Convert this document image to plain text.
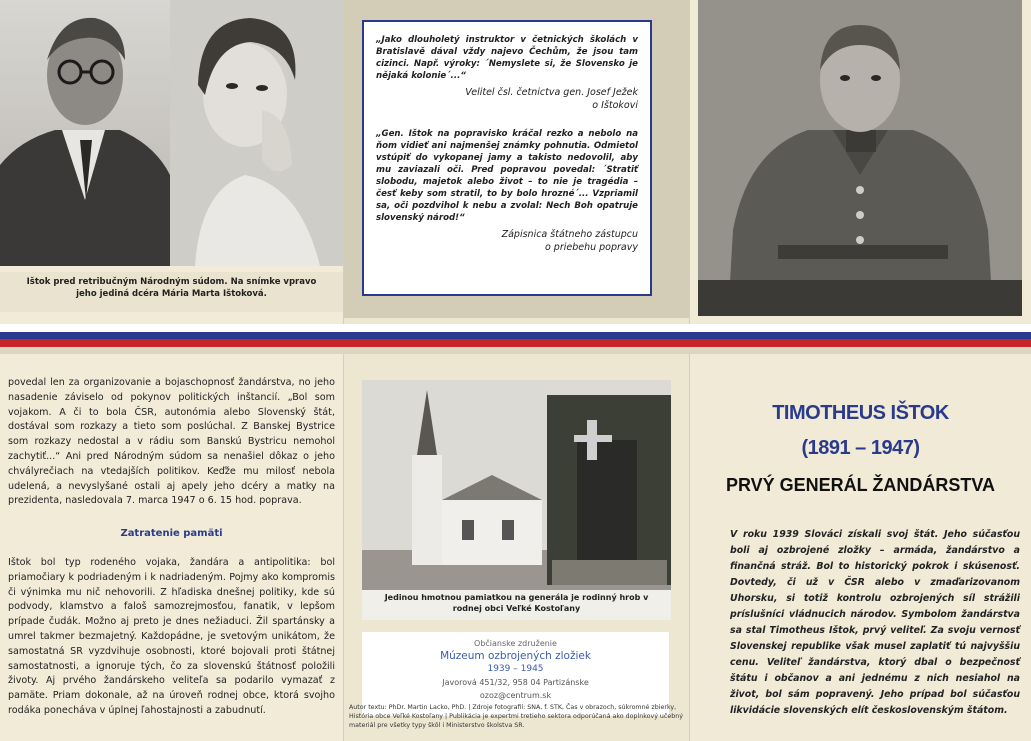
Ištok pred retribučným Národným súdom. Na snímke vpravo jeho jediná dcéra Mária Marta Ištoková.

povedal len za organizovanie a bojaschopnosť žandárstva, no jeho nasadenie záviselo od pokynov politických inštancií. „Bol som vojakom. A či to bola ČSR, autonómia alebo Slovenský štát, dostával som rozkazy a tieto som poslúchal. Z Banskej Bystrice som rozkazy nedostal a v rádiu som Banskú Bystricu nemohol zachytiť...“ Ani pred Národným súdom sa nenašiel dôkaz o jeho chvályrečiach na vtedajších politikov. Keďže mu milosť nebola udelená, a nevyslyšané ostali aj apely jeho dcéry a matky na prezidenta, nasledovala 7. marca 1947 o 6. 15 hod. poprava.

Zatratenie pamäti
Ištok bol typ rodeného vojaka, žandára a antipolitika: bol priamočiary k podriadeným i k nadriadeným. Pojmy ako kompromis či výnimka mu nič nehovorili. Z hľadiska dnešnej politiky, kde sú podvody, klamstvo a faloš samozrejmosťou, fanatik, v lepšom prípade čudák. Možno aj preto je dnes nežiaduci. Žil spartánsky a umrel takmer bezmajetný. Každopádne, je svetovým unikátom, že samostatná SR vyzdvihuje osobnosti, ktoré bojovali proti štátnej samostatnosti, a ignoruje tých, čo za slovenskú štátnosť položili životy. Aj prvého žandárskeho veliteľa sa podarilo vymazať z pamäte. Priam dokonale, až na úroveň rodnej obce, ktorá svojho rodáka ponecháva v úplnej ľahostajnosti a zabudnutí.
Jedinou hmotnou pamiatkou na generála je rodinný hrob v rodnej obci Veľké Kostoľany

„Jako dlouholetý instruktor v četnických školách v Bratislavě dával vždy najevo Čechům, že jsou tam cizinci. Např. výroky: ´Nemyslete si, že Slovensko je nějaká kolonie´...“

Velitel čsl. četnictva gen. Josef Ježek
o Ištokovi

„Gen. Ištok na popravisko kráčal rezko a nebolo na ňom vidieť ani najmenšej známky pohnutia. Odmietol vstúpiť do vykopanej jamy a takisto nedovolil, aby mu zaviazali oči. Pred popravou povedal: ´Stratiť slobodu, majetok alebo život – to nie je tragédia – česť keby som stratil, to by bolo hrozné´... Vzpriamil sa, oči pozdvihol k nebu a zvolal: Nech Boh opatruje slovenský národ!“

Zápisnica štátneho zástupcu
o priebehu popravy

Občianske združenie
Múzeum ozbrojených zložiek
1939 – 1945
Javorová 451/32, 958 04 Partizánske
ozoz@centrum.sk
Autor textu: PhDr. Martin Lacko, PhD. | Zdroje fotografií: SNA, f. STK, Čas v obrazoch, súkromné zbierky, História obce Veľké Kostoľany | Publikácia je expertmi tretieho sektora odporúčaná ako doplnkový učebný materiál pre všetky typy škôl i Ministerstvo školstva SR.
TIMOTHEUS IŠTOK
(1891 – 1947)
PRVÝ GENERÁL ŽANDÁRSTVA
V roku 1939 Slováci získali svoj štát. Jeho súčasťou boli aj ozbrojené zložky – armáda, žandárstvo a finančná stráž. Bol to historický pokrok i skúsenosť. Dovtedy, či už v ČSR alebo v zmaďarizovanom Uhorsku, si totiž kontrolu ozbrojených síl strážili príslušníci vládnucich národov. Symbolom žandárstva sa stal Timotheus Ištok, prvý veliteľ. Za svoju vernosť Slovenskej republike však musel zaplatiť tú najvyššiu cenu. Veliteľ žandárstva, ktorý dbal o bezpečnosť štátu i občanov a ani jednému z nich nesiahol na život, bol sám popravený. Jeho prípad bol súčasťou likvidácie slovenských elít československým štátom.
